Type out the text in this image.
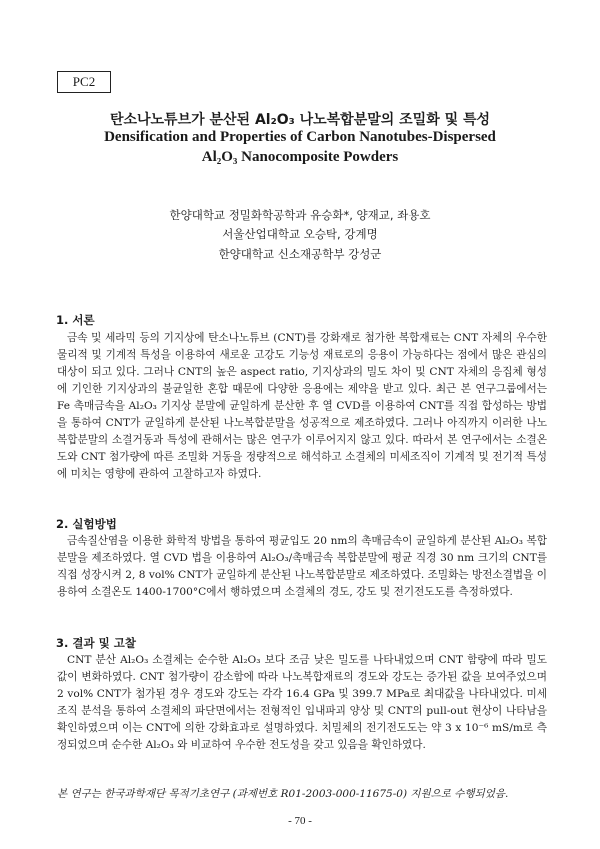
PC2
탄소나노튜브가 분산된 Al₂O₃ 나노복합분말의 조밀화 및 특성
Densification and Properties of Carbon Nanotubes-Dispersed
Al₂O₃ Nanocomposite Powders
한양대학교 정밀화학공학과 유승화*, 양재교, 좌용호
서울산업대학교 오승탁, 강계명
한양대학교 신소재공학부 강성군
1. 서론

금속 및 세라믹 등의 기지상에 탄소나노튜브 (CNT)를 강화재로 첨가한 복합재료는 CNT 자체의 우수한 물리적 및 기계적 특성을 이용하여 새로운 고강도 기능성 재료로의 응용이 가능하다는 점에서 많은 관심의 대상이 되고 있다. 그러나 CNT의 높은 aspect ratio, 기지상과의 밀도 차이 및 CNT 자체의 응집체 형성에 기인한 기지상과의 불균일한 혼합 때문에 다양한 응용에는 제약을 받고 있다. 최근 본 연구그룹에서는 Fe 촉매금속을 Al₂O₃ 기지상 분말에 균일하게 분산한 후 열 CVD를 이용하여 CNT를 직접 합성하는 방법을 통하여 CNT가 균일하게 분산된 나노복합분말을 성공적으로 제조하였다. 그러나 아직까지 이러한 나노복합분말의 소결거동과 특성에 관해서는 많은 연구가 이루어지지 않고 있다. 따라서 본 연구에서는 소결온도와 CNT 첨가량에 따른 조밀화 거동을 정량적으로 해석하고 소결체의 미세조직이 기계적 및 전기적 특성에 미치는 영향에 관하여 고찰하고자 하였다.

2. 실험방법

금속질산염을 이용한 화학적 방법을 통하여 평균입도 20 nm의 촉매금속이 균일하게 분산된 Al₂O₃ 복합분말을 제조하였다. 열 CVD 법을 이용하여 Al₂O₃/촉매금속 복합분말에 평균 직경 30 nm 크기의 CNT를 직접 성장시켜 2, 8 vol% CNT가 균일하게 분산된 나노복합분말로 제조하였다. 조밀화는 방전소결법을 이용하여 소결온도 1400-1700°C에서 행하였으며 소결체의 경도, 강도 및 전기전도도를 측정하였다.

3. 결과 및 고찰

CNT 분산 Al₂O₃ 소결체는 순수한 Al₂O₃ 보다 조금 낮은 밀도를 나타내었으며 CNT 함량에 따라 밀도 값이 변화하였다. CNT 첨가량이 감소함에 따라 나노복합재료의 경도와 강도는 증가된 값을 보여주었으며 2 vol% CNT가 첨가된 경우 경도와 강도는 각각 16.4 GPa 및 399.7 MPa로 최대값을 나타내었다. 미세조직 분석을 통하여 소결체의 파단면에서는 전형적인 입내파괴 양상 및 CNT의 pull-out 현상이 나타남을 확인하였으며 이는 CNT에 의한 강화효과로 설명하였다. 치밀체의 전기전도도는 약 3 x 10⁻⁶ mS/m로 측정되었으며 순수한 Al₂O₃ 와 비교하여 우수한 전도성을 갖고 있음을 확인하였다.

본 연구는 한국과학재단 목적기초연구 (과제번호 R01-2003-000-11675-0) 지원으로 수행되었음.
- 70 -
